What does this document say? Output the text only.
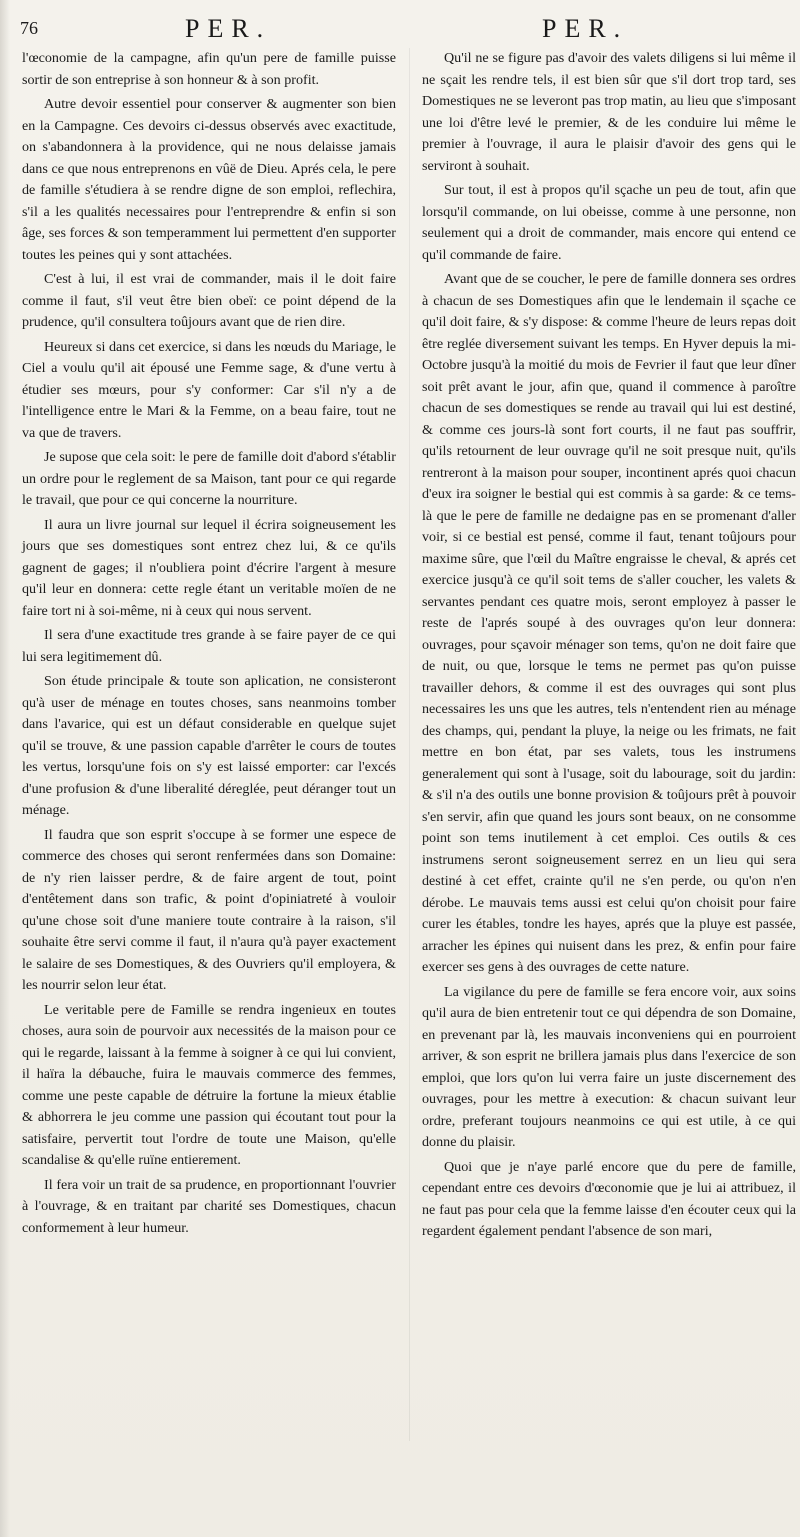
76	PER.	PER.

l'œconomie de la campagne, afin qu'un pere de famille puisse sortir de son entreprise à son honneur & à son profit.

Autre devoir essentiel pour conserver & augmenter son bien en la Campagne. Ces devoirs ci-dessus observés avec exactitude, on s'abandonnera à la providence, qui ne nous delaisse jamais dans ce que nous entreprenons en vûë de Dieu. Aprés cela, le pere de famille s'étudiera à se rendre digne de son emploi, reflechira, s'il a les qualités necessaires pour l'entreprendre & enfin si son âge, ses forces & son temperamment lui permettent d'en supporter toutes les peines qui y sont attachées.

C'est à lui, il est vrai de commander, mais il le doit faire comme il faut, s'il veut être bien obeï: ce point dépend de la prudence, qu'il consultera toûjours avant que de rien dire.

Heureux si dans cet exercice, si dans les nœuds du Mariage, le Ciel a voulu qu'il ait épousé une Femme sage, & d'une vertu à étudier ses mœurs, pour s'y conformer: Car s'il n'y a de l'intelligence entre le Mari & la Femme, on a beau faire, tout ne va que de travers.

Je supose que cela soit: le pere de famille doit d'abord s'établir un ordre pour le reglement de sa Maison, tant pour ce qui regarde le travail, que pour ce qui concerne la nourriture.

Il aura un livre journal sur lequel il écrira soigneusement les jours que ses domestiques sont entrez chez lui, & ce qu'ils gagnent de gages; il n'oubliera point d'écrire l'argent à mesure qu'il leur en donnera: cette regle étant un veritable moïen de ne faire tort ni à soi-même, ni à ceux qui nous servent.

Il sera d'une exactitude tres grande à se faire payer de ce qui lui sera legitimement dû.

Son étude principale & toute son aplication, ne consisteront qu'à user de ménage en toutes choses, sans neanmoins tomber dans l'avarice, qui est un défaut considerable en quelque sujet qu'il se trouve, & une passion capable d'arrêter le cours de toutes les vertus, lorsqu'une fois on s'y est laissé emporter: car l'excés d'une profusion & d'une liberalité déreglée, peut déranger tout un ménage.

Il faudra que son esprit s'occupe à se former une espece de commerce des choses qui seront renfermées dans son Domaine: de n'y rien laisser perdre, & de faire argent de tout, point d'entêtement dans son trafic, & point d'opiniatreté à vouloir qu'une chose soit d'une maniere toute contraire à la raison, s'il souhaite être servi comme il faut, il n'aura qu'à payer exactement le salaire de ses Domestiques, & des Ouvriers qu'il employera, & les nourrir selon leur état.

Le veritable pere de Famille se rendra ingenieux en toutes choses, aura soin de pourvoir aux necessités de la maison pour ce qui le regarde, laissant à la femme à soigner à ce qui lui convient, il haïra la débauche, fuira le mauvais commerce des femmes, comme une peste capable de détruire la fortune la mieux établie & abhorrera le jeu comme une passion qui écoutant tout pour la satisfaire, pervertit tout l'ordre de toute une Maison, qu'elle scandalise & qu'elle ruïne entierement.

Il fera voir un trait de sa prudence, en proportionnant l'ouvrier à l'ouvrage, & en traitant par charité ses Domestiques, chacun conformement à leur humeur.

Qu'il ne se figure pas d'avoir des valets diligens si lui même il ne sçait les rendre tels, il est bien sûr que s'il dort trop tard, ses Domestiques ne se leveront pas trop matin, au lieu que s'imposant une loi d'être levé le premier, & de les conduire lui même le premier à l'ouvrage, il aura le plaisir d'avoir des gens qui le serviront à souhait.

Sur tout, il est à propos qu'il sçache un peu de tout, afin que lorsqu'il commande, on lui obeisse, comme à une personne, non seulement qui a droit de commander, mais encore qui entend ce qu'il commande de faire.

Avant que de se coucher, le pere de famille donnera ses ordres à chacun de ses Domestiques afin que le lendemain il sçache ce qu'il doit faire, & s'y dispose: & comme l'heure de leurs repas doit être reglée diversement suivant les temps. En Hyver depuis la mi-Octobre jusqu'à la moitié du mois de Fevrier il faut que leur dîner soit prêt avant le jour, afin que, quand il commence à paroître chacun de ses domestiques se rende au travail qui lui est destiné, & comme ces jours-là sont fort courts, il ne faut pas souffrir, qu'ils retournent de leur ouvrage qu'il ne soit presque nuit, qu'ils rentreront à la maison pour souper, incontinent aprés quoi chacun d'eux ira soigner le bestial qui est commis à sa garde: & ce tems-là que le pere de famille ne dedaigne pas en se promenant d'aller voir, si ce bestial est pensé, comme il faut, tenant toûjours pour maxime sûre, que l'œil du Maître engraisse le cheval, & aprés cet exercice jusqu'à ce qu'il soit tems de s'aller coucher, les valets & servantes pendant ces quatre mois, seront employez à passer le reste de l'aprés soupé à des ouvrages qu'on leur donnera: ouvrages, pour sçavoir ménager son tems, qu'on ne doit faire que de nuit, ou que, lorsque le tems ne permet pas qu'on puisse travailler dehors, & comme il est des ouvrages qui sont plus necessaires les uns que les autres, tels n'entendent rien au ménage des champs, qui, pendant la pluye, la neige ou les frimats, ne fait mettre en bon état, par ses valets, tous les instrumens generalement qui sont à l'usage, soit du labourage, soit du jardin: & s'il n'a des outils une bonne provision & toûjours prêt à pouvoir s'en servir, afin que quand les jours sont beaux, on ne consomme point son tems inutilement à cet emploi. Ces outils & ces instrumens seront soigneusement serrez en un lieu qui sera destiné à cet effet, crainte qu'il ne s'en perde, ou qu'on n'en dérobe. Le mauvais tems aussi est celui qu'on choisit pour faire curer les étables, tondre les hayes, aprés que la pluye est passée, arracher les épines qui nuisent dans les prez, & enfin pour faire exercer ses gens à des ouvrages de cette nature.

La vigilance du pere de famille se fera encore voir, aux soins qu'il aura de bien entretenir tout ce qui dépendra de son Domaine, en prevenant par là, les mauvais inconveniens qui en pourroient arriver, & son esprit ne brillera jamais plus dans l'exercice de son emploi, que lors qu'on lui verra faire un juste discernement des ouvrages, pour les mettre à execution: & chacun suivant leur ordre, preferant toujours neanmoins ce qui est utile, à ce qui donne du plaisir.

Quoi que je n'aye parlé encore que du pere de famille, cependant entre ces devoirs d'œconomie que je lui ai attribuez, il ne faut pas pour cela que la femme laisse d'en écouter ceux qui la regardent également pendant l'absence de son mari,
